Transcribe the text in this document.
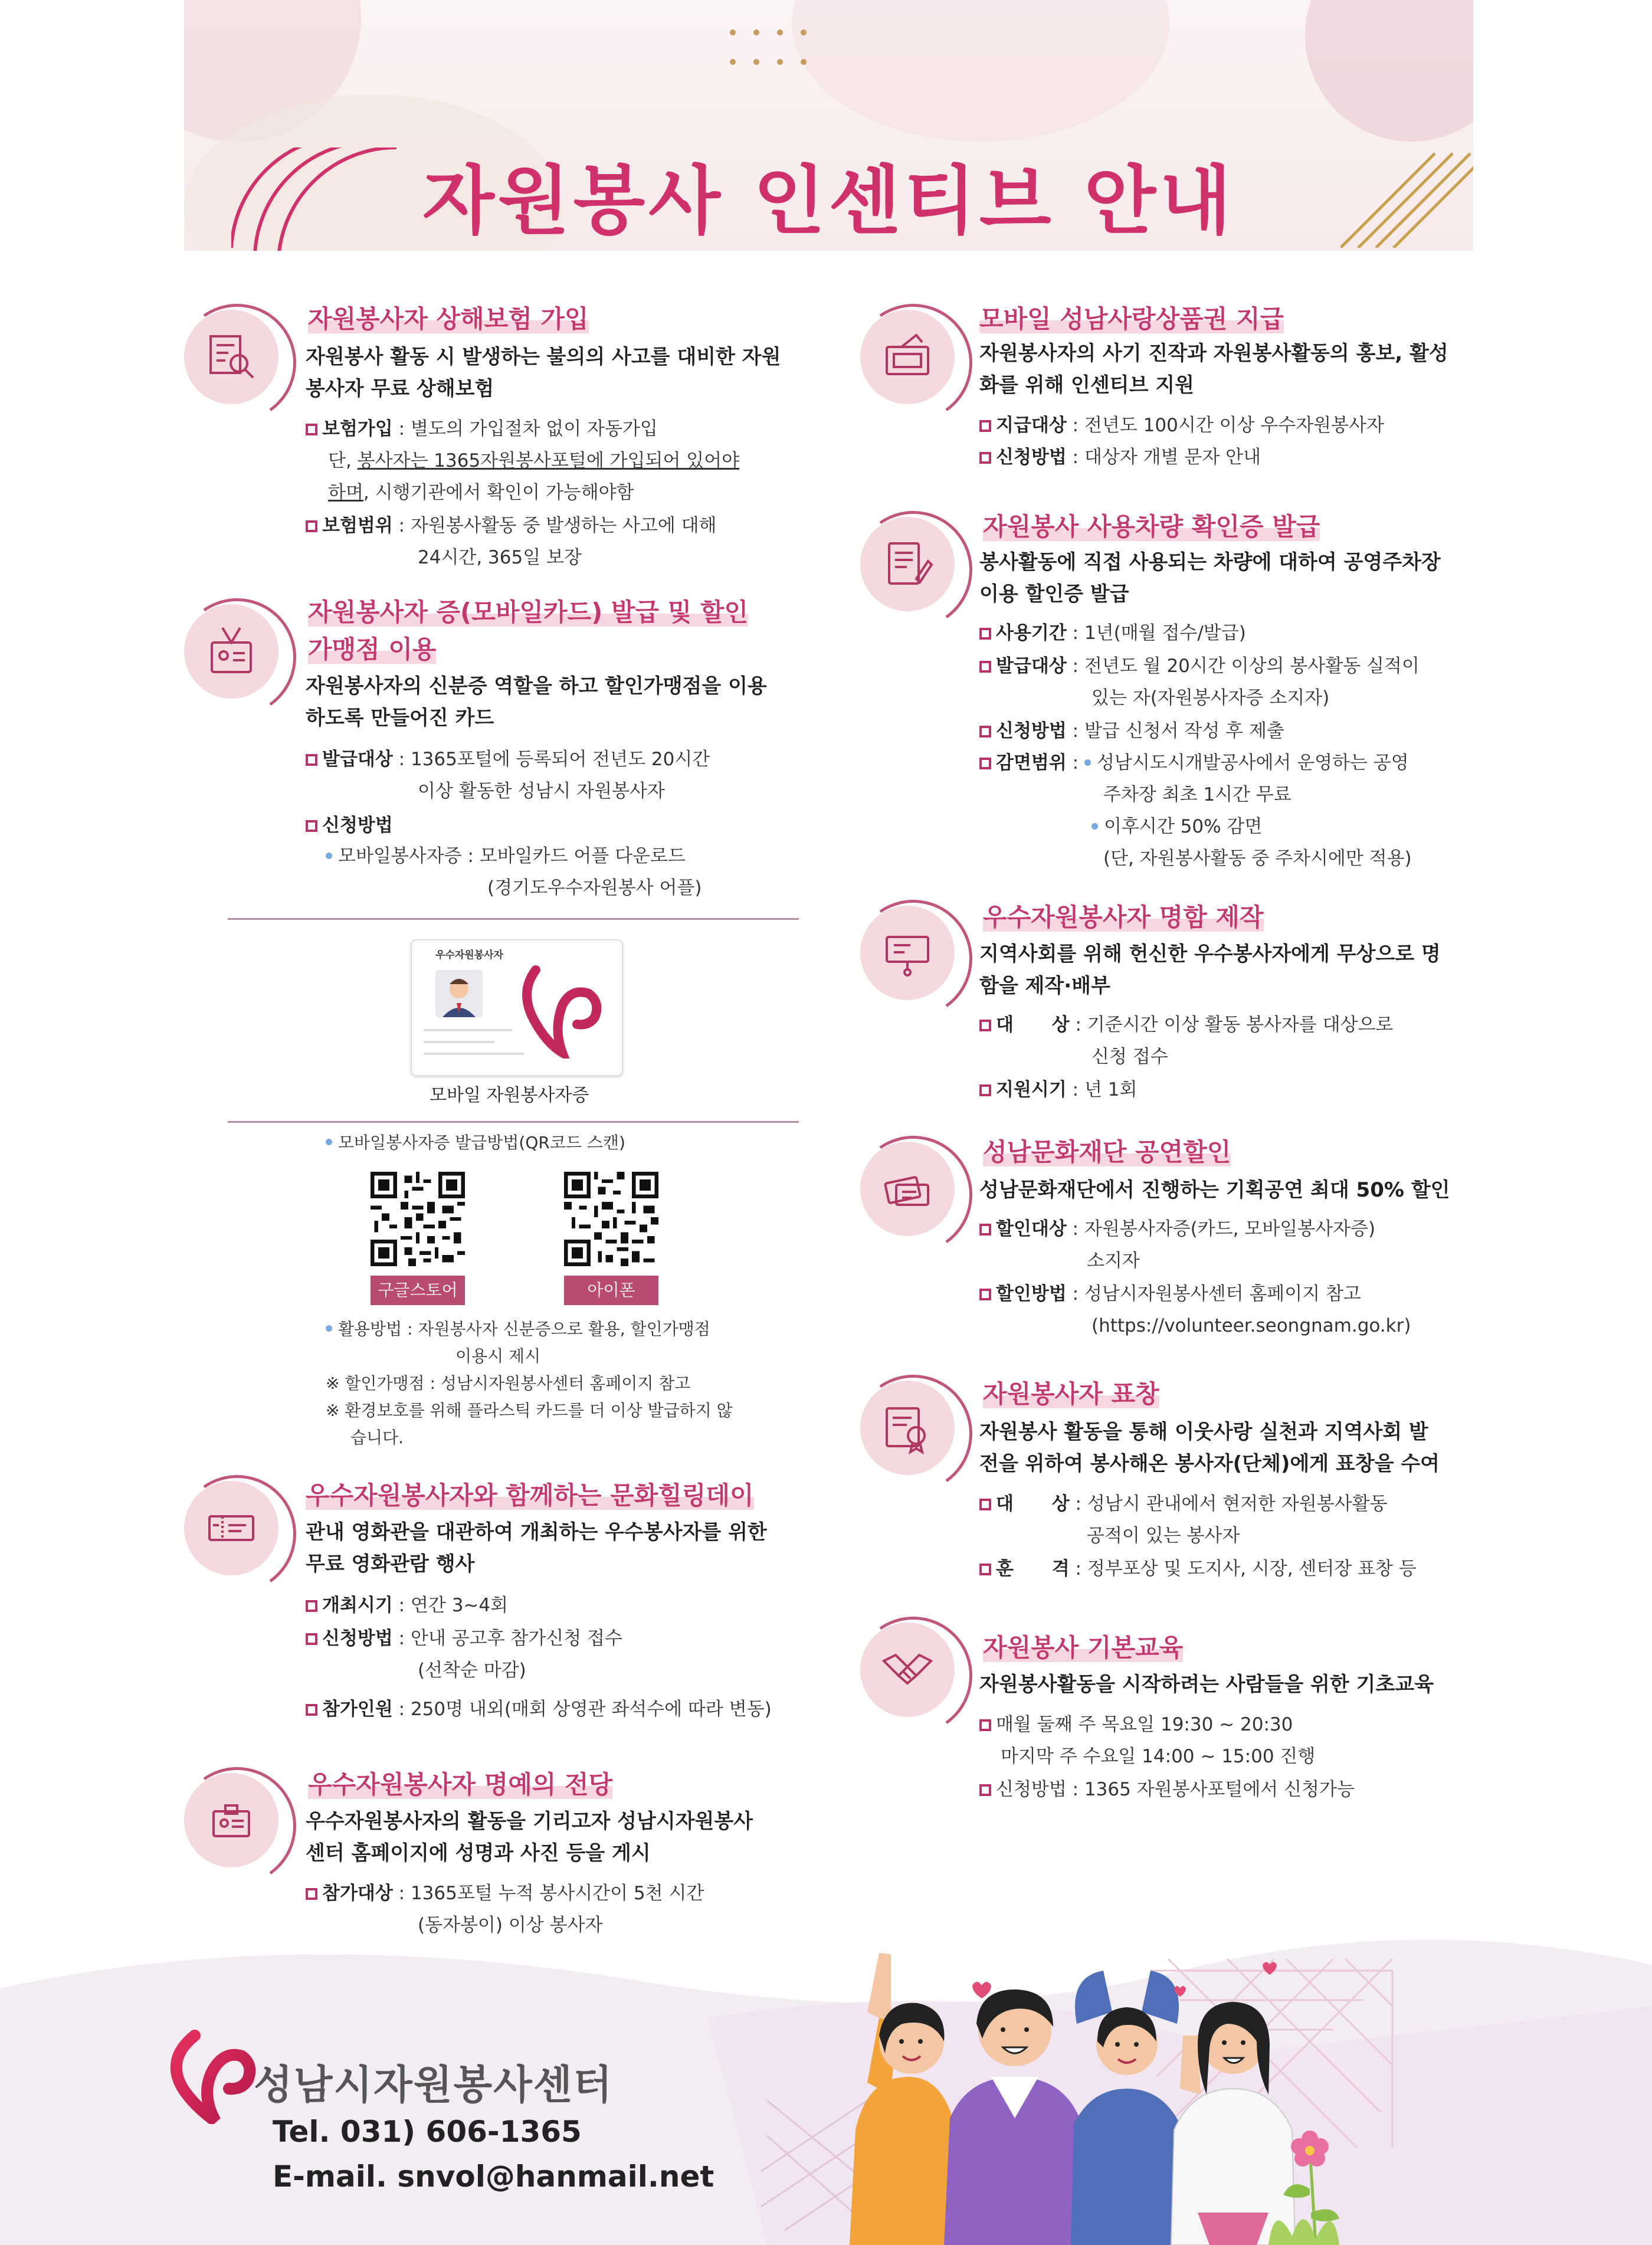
자원봉사 인센티브 안내
자원봉사자 상해보험 가입
자원봉사 활동 시 발생하는 불의의 사고를 대비한 자원
봉사자 무료 상해보험
보험가입 : 별도의 가입절차 없이 자동가입
단, 봉사자는 1365자원봉사포털에 가입되어 있어야
하며, 시행기관에서 확인이 가능해야함
보험범위 : 자원봉사활동 중 발생하는 사고에 대해
24시간, 365일 보장
자원봉사자 증(모바일카드) 발급 및 할인
가맹점 이용
자원봉사자의 신분증 역할을 하고 할인가맹점을 이용
하도록 만들어진 카드
발급대상 : 1365포털에 등록되어 전년도 20시간
이상 활동한 성남시 자원봉사자
신청방법
모바일봉사자증 : 모바일카드 어플 다운로드
(경기도우수자원봉사 어플)
우수자원봉사자
모바일 자원봉사자증
모바일봉사자증 발급방법(QR코드 스캔)
구글스토어	아이폰
활용방법 : 자원봉사자 신분증으로 활용, 할인가맹점
이용시 제시
※ 할인가맹점 : 성남시자원봉사센터 홈페이지 참고
※ 환경보호를 위해 플라스틱 카드를 더 이상 발급하지 않
습니다.
우수자원봉사자와 함께하는 문화힐링데이
관내 영화관을 대관하여 개최하는 우수봉사자를 위한
무료 영화관람 행사
개최시기 : 연간 3~4회
신청방법 : 안내 공고후 참가신청 접수
(선착순 마감)
참가인원 : 250명 내외(매회 상영관 좌석수에 따라 변동)
우수자원봉사자 명예의 전당
우수자원봉사자의 활동을 기리고자 성남시자원봉사
센터 홈페이지에 성명과 사진 등을 게시
참가대상 : 1365포털 누적 봉사시간이 5천 시간
(동자봉이) 이상 봉사자
모바일 성남사랑상품권 지급
자원봉사자의 사기 진작과 자원봉사활동의 홍보, 활성
화를 위해 인센티브 지원
지급대상 : 전년도 100시간 이상 우수자원봉사자
신청방법 : 대상자 개별 문자 안내
자원봉사 사용차량 확인증 발급
봉사활동에 직접 사용되는 차량에 대하여 공영주차장
이용 할인증 발급
사용기간 : 1년(매월 접수/발급)
발급대상 : 전년도 월 20시간 이상의 봉사활동 실적이
있는 자(자원봉사자증 소지자)
신청방법 : 발급 신청서 작성 후 제출
감면범위 : 성남시도시개발공사에서 운영하는 공영
주차장 최초 1시간 무료
이후시간 50% 감면
(단, 자원봉사활동 중 주차시에만 적용)
우수자원봉사자 명함 제작
지역사회를 위해 헌신한 우수봉사자에게 무상으로 명
함을 제작·배부
대      상 : 기준시간 이상 활동 봉사자를 대상으로
신청 접수
지원시기 : 년 1회
성남문화재단 공연할인
성남문화재단에서 진행하는 기획공연 최대 50% 할인
할인대상 : 자원봉사자증(카드, 모바일봉사자증)
소지자
할인방법 : 성남시자원봉사센터 홈페이지 참고
(https://volunteer.seongnam.go.kr)
자원봉사자 표창
자원봉사 활동을 통해 이웃사랑 실천과 지역사회 발
전을 위하여 봉사해온 봉사자(단체)에게 표창을 수여
대      상 : 성남시 관내에서 현저한 자원봉사활동
공적이 있는 봉사자
훈      격 : 정부포상 및 도지사, 시장, 센터장 표창 등
자원봉사 기본교육
자원봉사활동을 시작하려는 사람들을 위한 기초교육
매월 둘째 주 목요일 19:30 ~ 20:30
마지막 주 수요일 14:00 ~ 15:00 진행
신청방법 : 1365 자원봉사포털에서 신청가능
성남시자원봉사센터
Tel. 031) 606-1365
E-mail. snvol@hanmail.net
